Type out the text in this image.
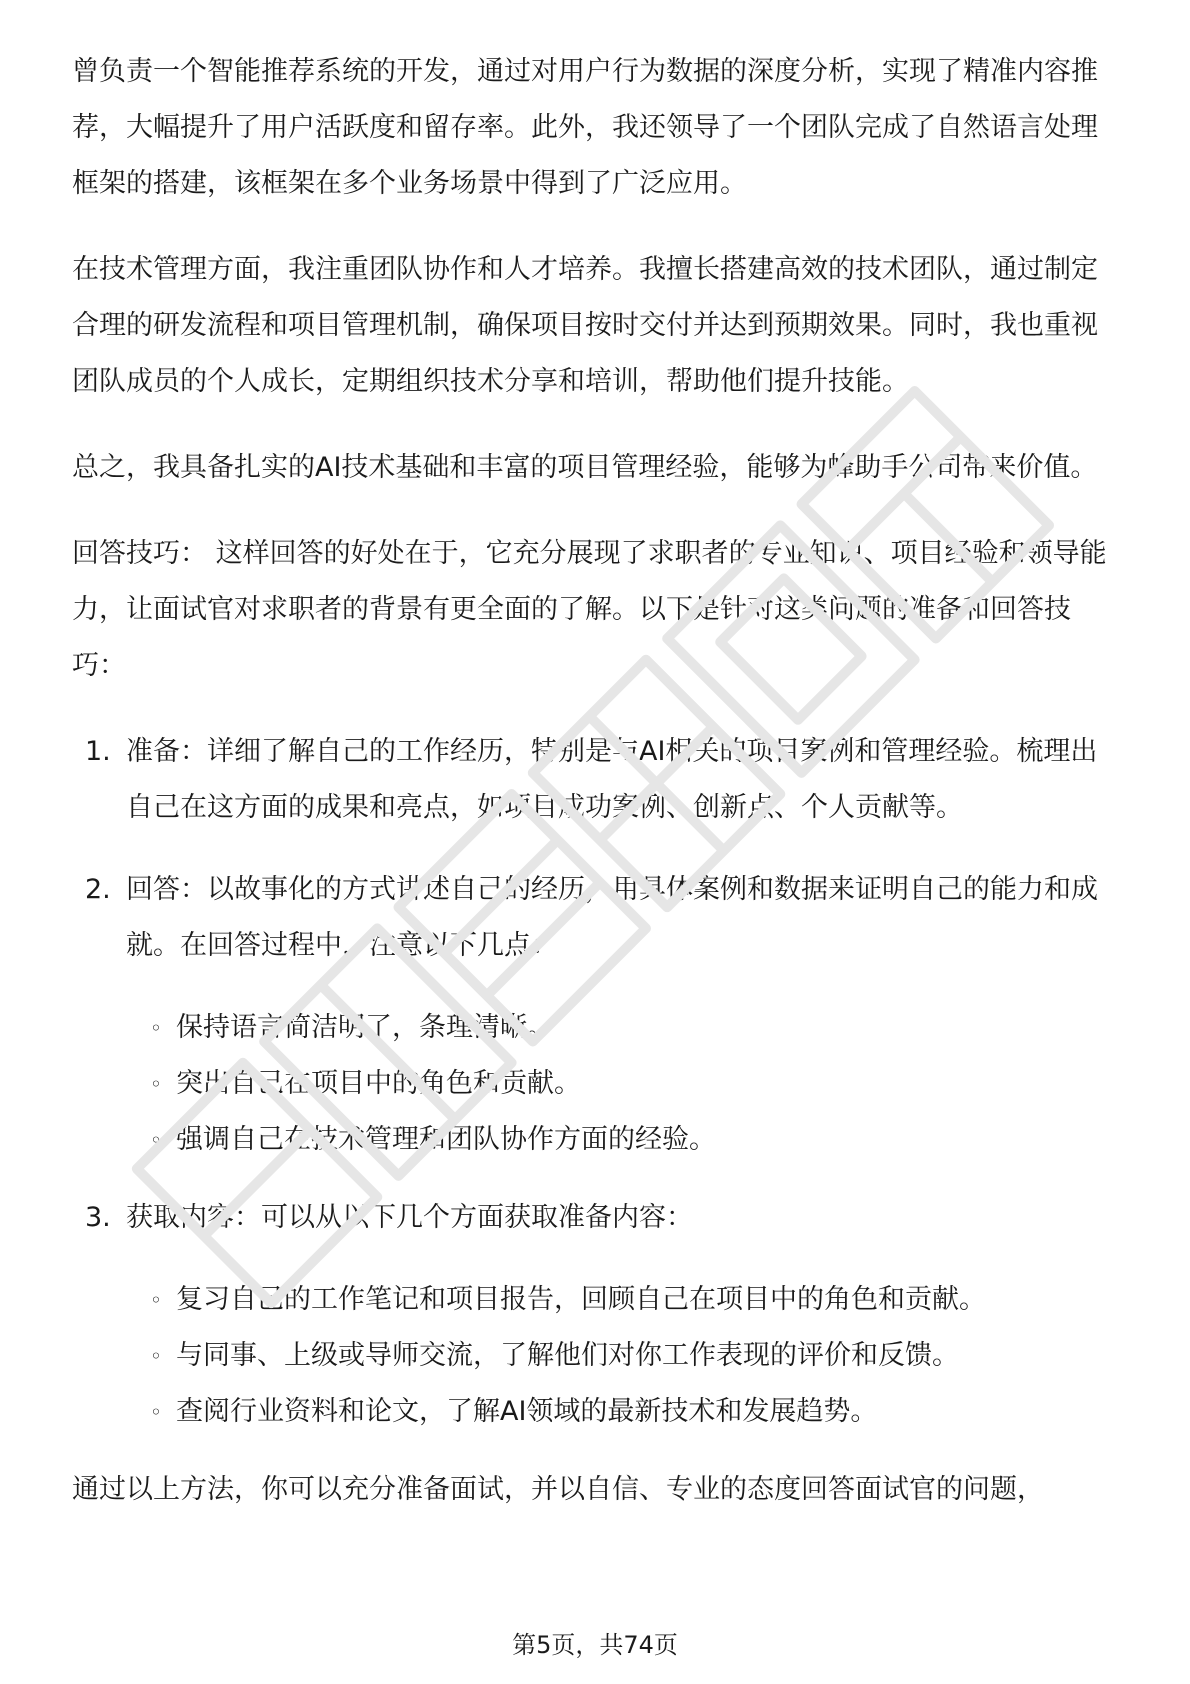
曾负责一个智能推荐系统的开发，通过对用户行为数据的深度分析，实现了精准内容推荐，大幅提升了用户活跃度和留存率。此外，我还领导了一个团队完成了自然语言处理框架的搭建，该框架在多个业务场景中得到了广泛应用。

在技术管理方面，我注重团队协作和人才培养。我擅长搭建高效的技术团队，通过制定合理的研发流程和项目管理机制，确保项目按时交付并达到预期效果。同时，我也重视团队成员的个人成长，定期组织技术分享和培训，帮助他们提升技能。

总之，我具备扎实的AI技术基础和丰富的项目管理经验，能够为蜂助手公司带来价值。

回答技巧： 这样回答的好处在于，它充分展现了求职者的专业知识、项目经验和领导能力，让面试官对求职者的背景有更全面的了解。以下是针对这类问题的准备和回答技巧：

1. 准备：详细了解自己的工作经历，特别是与AI相关的项目案例和管理经验。梳理出自己在这方面的成果和亮点，如项目成功案例、创新点、个人贡献等。
2. 回答：以故事化的方式讲述自己的经历，用具体案例和数据来证明自己的能力和成就。在回答过程中，注意以下几点：
◦ 保持语言简洁明了，条理清晰。
◦ 突出自己在项目中的角色和贡献。
◦ 强调自己在技术管理和团队协作方面的经验。
3. 获取内容：可以从以下几个方面获取准备内容：
◦ 复习自己的工作笔记和项目报告，回顾自己在项目中的角色和贡献。
◦ 与同事、上级或导师交流，了解他们对你工作表现的评价和反馈。
◦ 查阅行业资料和论文，了解AI领域的最新技术和发展趋势。

通过以上方法，你可以充分准备面试，并以自信、专业的态度回答面试官的问题，

第5页，共74页
